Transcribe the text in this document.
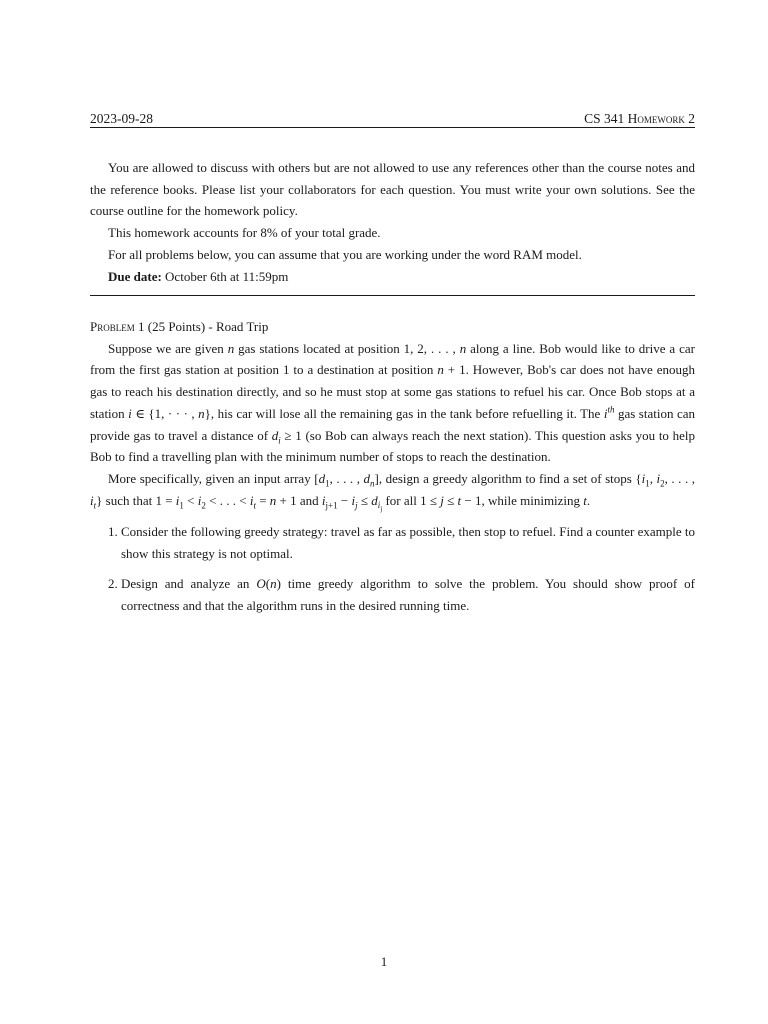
2023-09-28	CS 341 Homework 2

You are allowed to discuss with others but are not allowed to use any references other than the course notes and the reference books. Please list your collaborators for each question. You must write your own solutions. See the course outline for the homework policy.

This homework accounts for 8% of your total grade.

For all problems below, you can assume that you are working under the word RAM model.

Due date: October 6th at 11:59pm

Problem 1 (25 Points) - Road Trip

Suppose we are given n gas stations located at position 1, 2, . . . , n along a line. Bob would like to drive a car from the first gas station at position 1 to a destination at position n + 1. However, Bob's car does not have enough gas to reach his destination directly, and so he must stop at some gas stations to refuel his car. Once Bob stops at a station i ∈ {1, · · · , n}, his car will lose all the remaining gas in the tank before refuelling it. The $i^{th}$ gas station can provide gas to travel a distance of $d_i \ge 1$ (so Bob can always reach the next station). This question asks you to help Bob to find a travelling plan with the minimum number of stops to reach the destination.

More specifically, given an input array [$d_1$, . . . , $d_n$], design a greedy algorithm to find a set of stops {$i_1$, $i_2$, . . . , $i_t$} such that $1 = i_1 < i_2$ < . . . < $i_t = n + 1$ and $i_{j+1} - i_j \le d_{i_j}$ for all 1 ≤ j ≤ t − 1, while minimizing t.

1. Consider the following greedy strategy: travel as far as possible, then stop to refuel. Find a counter example to show this strategy is not optimal.
2. Design and analyze an O(n) time greedy algorithm to solve the problem. You should show proof of correctness and that the algorithm runs in the desired running time.
1
